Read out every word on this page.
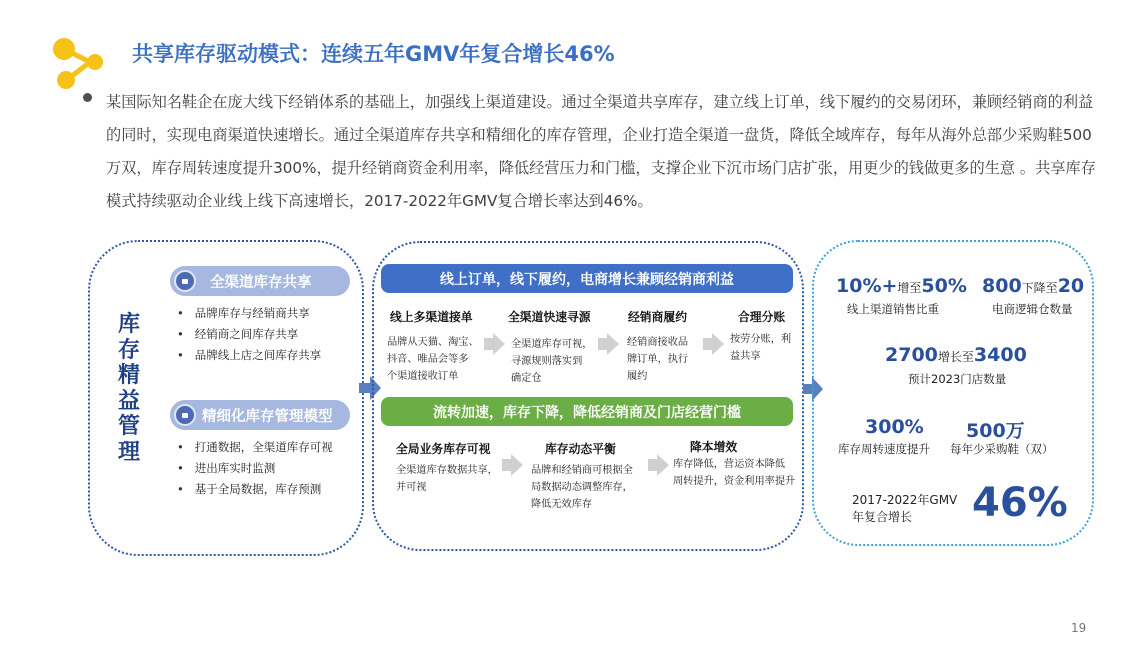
共享库存驱动模式：连续五年GMV年复合增长46%
某国际知名鞋企在庞大线下经销体系的基础上，加强线上渠道建设。通过全渠道共享库存，建立线上订单，线下履约的交易闭环，兼顾经销商的利益的同时，实现电商渠道快速增长。通过全渠道库存共享和精细化的库存管理，企业打造全渠道一盘货，降低全域库存，每年从海外总部少采购鞋500万双，库存周转速度提升300%，提升经销商资金利用率，降低经营压力和门槛，支撑企业下沉市场门店扩张，用更少的钱做更多的生意 。共享库存模式持续驱动企业线上线下高速增长，2017-2022年GMV复合增长率达到46%。
库
存
精
益
管
理
全渠道库存共享
• 品牌库存与经销商共享
• 经销商之间库存共享
• 品牌线上店之间库存共享
精细化库存管理模型
• 打通数据，全渠道库存可视
• 进出库实时监测
• 基于全局数据，库存预测
线上订单，线下履约，电商增长兼顾经销商利益
线上多渠道接单
品牌从天猫、淘宝、
抖音、唯品会等多
个渠道接收订单
全渠道快速寻源
全渠道库存可视，
寻源规则落实到
确定仓
经销商履约
经销商接收品
牌订单，执行
履约
合理分账
按劳分账，利
益共享
流转加速，库存下降，降低经销商及门店经营门槛
全局业务库存可视
全渠道库存数据共享，
并可视
库存动态平衡
品牌和经销商可根据全
局数据动态调整库存，
降低无效库存
降本增效
库存降低，营运资本降低
周转提升，资金利用率提升
10%+增至50%
线上渠道销售比重
800下降至20
电商逻辑仓数量
2700增长至3400
预计2023门店数量
300%
库存周转速度提升
500万
每年少采购鞋（双）
2017-2022年GMV
年复合增长	46%
19
